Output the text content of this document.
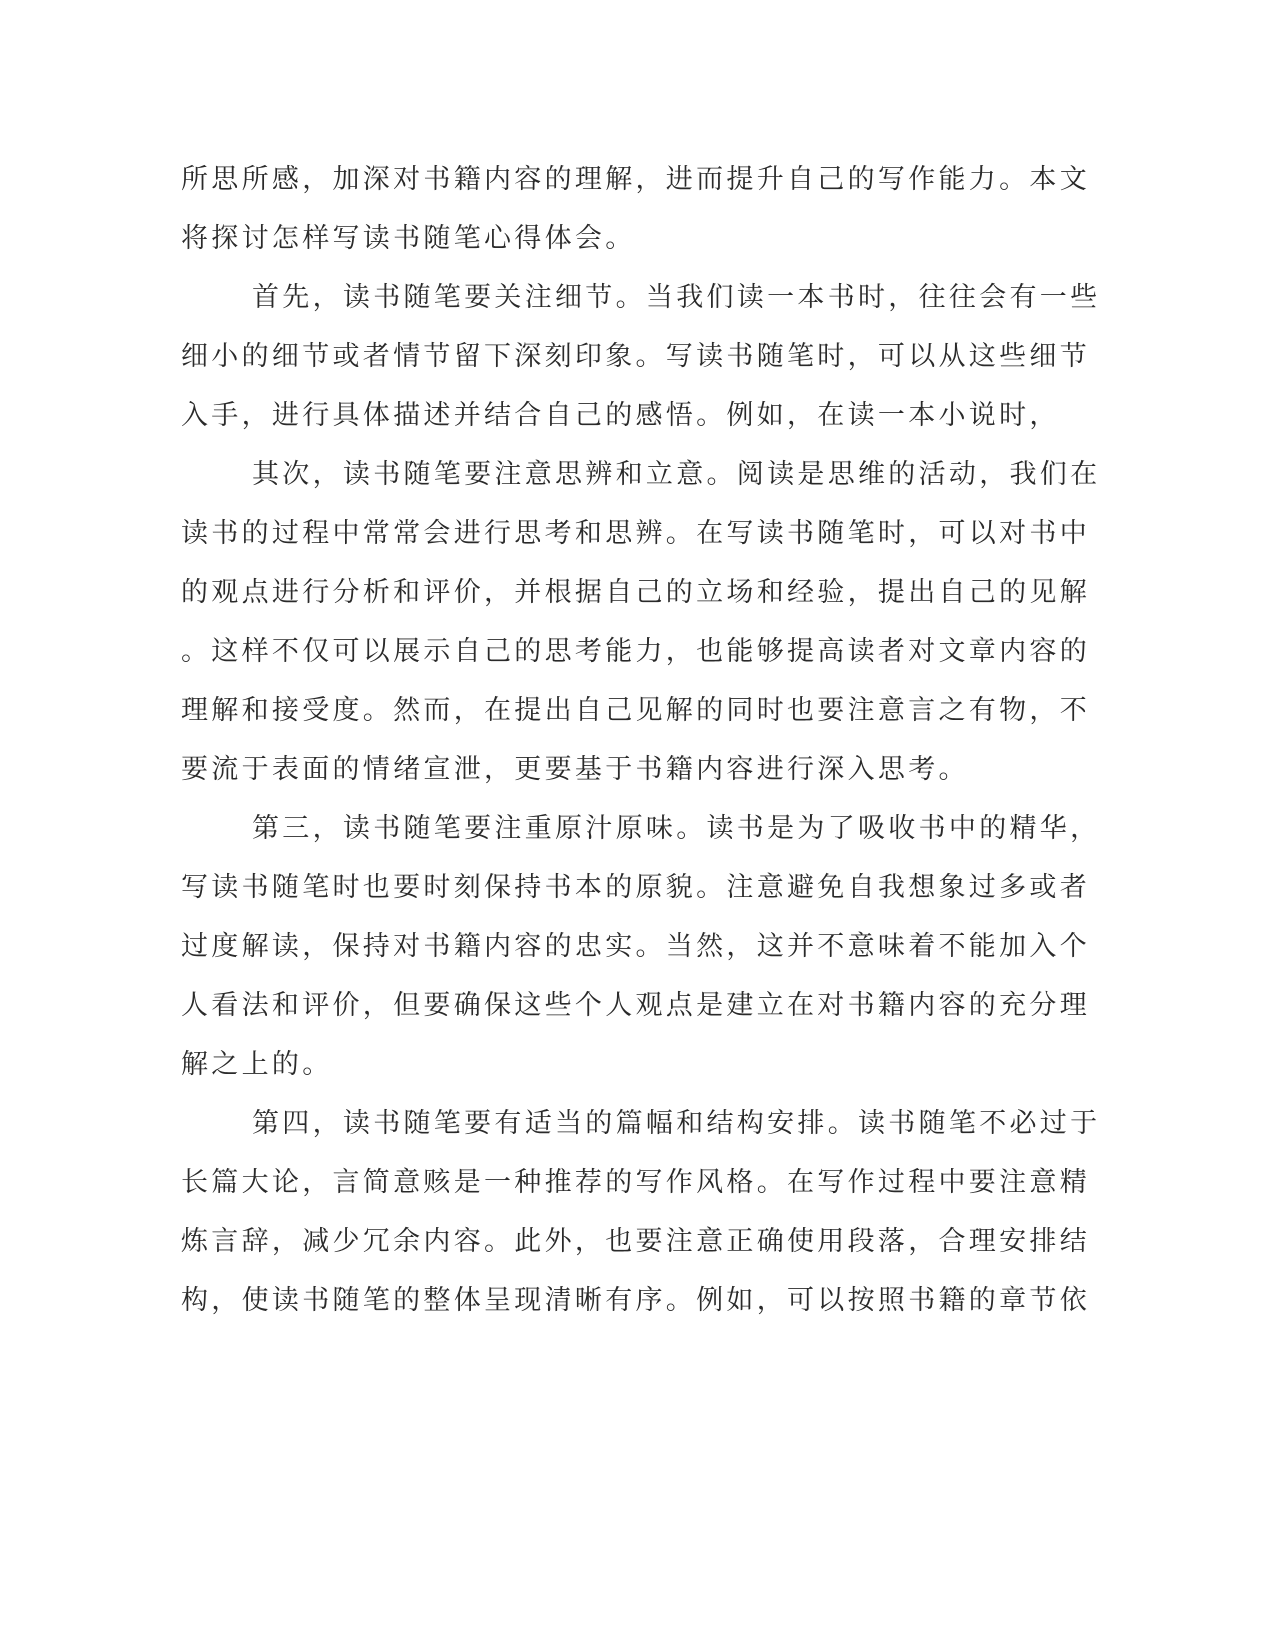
所思所感，加深对书籍内容的理解，进而提升自己的写作能力。本文
将探讨怎样写读书随笔心得体会。
首先，读书随笔要关注细节。当我们读一本书时，往往会有一些
细小的细节或者情节留下深刻印象。写读书随笔时，可以从这些细节
入手，进行具体描述并结合自己的感悟。例如，在读一本小说时，
其次，读书随笔要注意思辨和立意。阅读是思维的活动，我们在
读书的过程中常常会进行思考和思辨。在写读书随笔时，可以对书中
的观点进行分析和评价，并根据自己的立场和经验，提出自己的见解
。这样不仅可以展示自己的思考能力，也能够提高读者对文章内容的
理解和接受度。然而，在提出自己见解的同时也要注意言之有物，不
要流于表面的情绪宣泄，更要基于书籍内容进行深入思考。
第三，读书随笔要注重原汁原味。读书是为了吸收书中的精华，
写读书随笔时也要时刻保持书本的原貌。注意避免自我想象过多或者
过度解读，保持对书籍内容的忠实。当然，这并不意味着不能加入个
人看法和评价，但要确保这些个人观点是建立在对书籍内容的充分理
解之上的。
第四，读书随笔要有适当的篇幅和结构安排。读书随笔不必过于
长篇大论，言简意赅是一种推荐的写作风格。在写作过程中要注意精
炼言辞，减少冗余内容。此外，也要注意正确使用段落，合理安排结
构，使读书随笔的整体呈现清晰有序。例如，可以按照书籍的章节依
